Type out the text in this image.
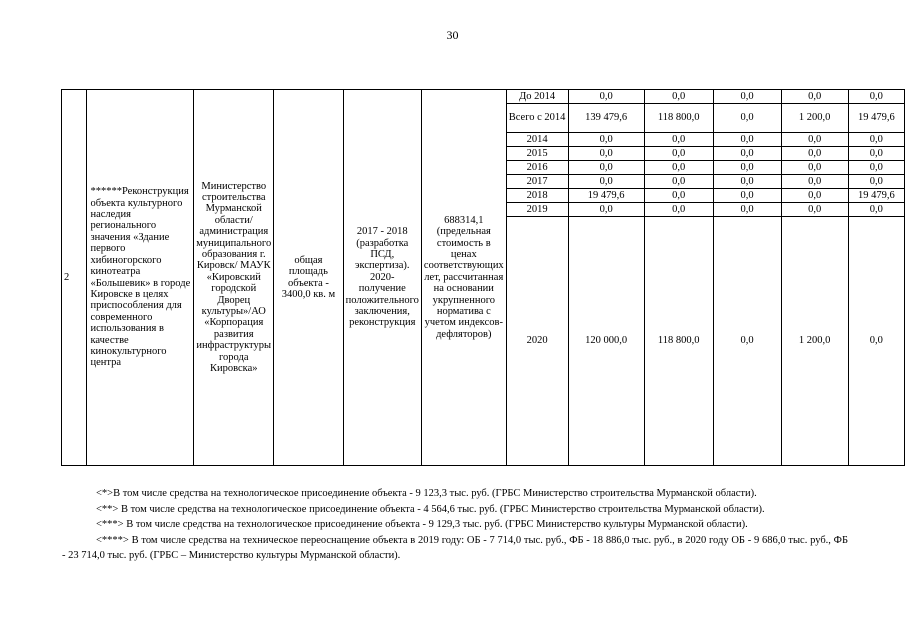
30
2	******Реконструкция объекта культурного наследия регионального значения «Здание первого хибиногорского кинотеатра «Большевик» в городе Кировске в целях приспособления для современного использования в качестве кинокультурного центра	Министерство строительства Мурманской области/ администрация муниципального образования г. Кировск/ МАУК «Кировский городской Дворец культуры»/АО «Корпорация развития инфраструктуры города Кировска»	общая площадь объекта - 3400,0 кв. м	2017 - 2018 (разработка ПСД, экспертиза). 2020- получение положительного заключения, реконструкция	688314,1 (предельная стоимость в ценах соответствующих лет, рассчитанная на основании укрупненного норматива с учетом индексов-дефляторов)	До 2014	0,0	0,0	0,0	0,0	0,0
						Всего с 2014	139 479,6	118 800,0	0,0	1 200,0	19 479,6
						2014	0,0	0,0	0,0	0,0	0,0
						2015	0,0	0,0	0,0	0,0	0,0
						2016	0,0	0,0	0,0	0,0	0,0
						2017	0,0	0,0	0,0	0,0	0,0
						2018	19 479,6	0,0	0,0	0,0	19 479,6
						2019	0,0	0,0	0,0	0,0	0,0
						2020	120 000,0	118 800,0	0,0	1 200,0	0,0

<*>В том числе средства на технологическое присоединение объекта - 9 123,3 тыс. руб. (ГРБС Министерство строительства Мурманской области).

<**> В том числе средства на технологическое присоединение объекта - 4 564,6 тыс. руб. (ГРБС Министерство строительства Мурманской области).

<***> В том числе средства на технологическое присоединение объекта - 9 129,3 тыс. руб. (ГРБС Министерство культуры Мурманской области).

<****> В том числе средства на техническое переоснащение объекта в 2019 году: ОБ - 7 714,0 тыс. руб., ФБ - 18 886,0 тыс. руб., в 2020 году ОБ - 9 686,0 тыс. руб., ФБ - 23 714,0 тыс. руб. (ГРБС – Министерство культуры Мурманской области).
